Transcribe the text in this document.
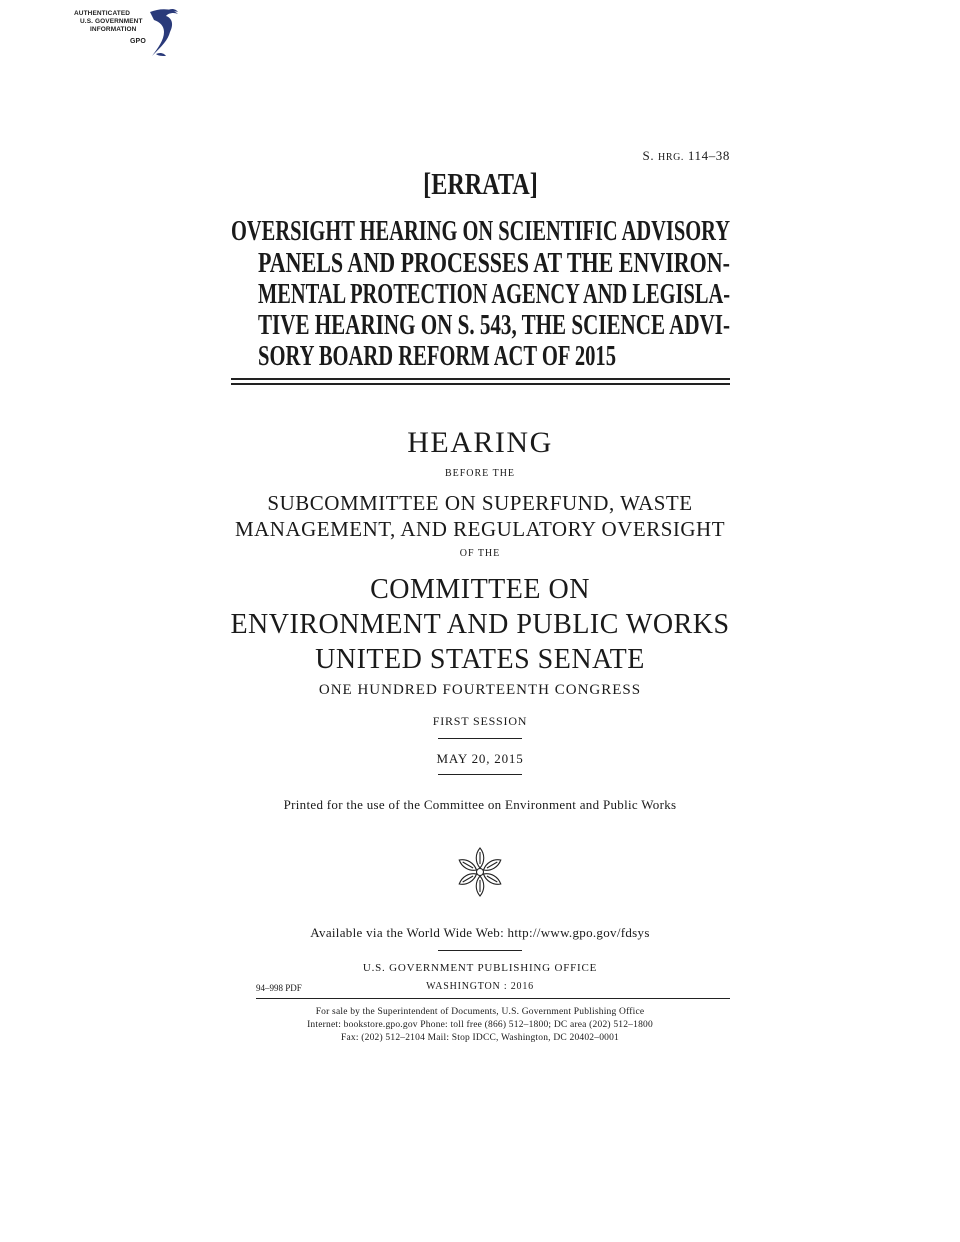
AUTHENTICATED
U.S. GOVERNMENT
INFORMATION
GPO
S. HRG. 114–38
[ERRATA]
OVERSIGHT HEARING ON SCIENTIFIC ADVISORY
PANELS AND PROCESSES AT THE ENVIRON-
MENTAL PROTECTION AGENCY AND LEGISLA-
TIVE HEARING ON S. 543, THE SCIENCE ADVI-
SORY BOARD REFORM ACT OF 2015
HEARING
BEFORE THE
SUBCOMMITTEE ON SUPERFUND, WASTE
MANAGEMENT, AND REGULATORY OVERSIGHT
OF THE
COMMITTEE ON
ENVIRONMENT AND PUBLIC WORKS
UNITED STATES SENATE
ONE HUNDRED FOURTEENTH CONGRESS
FIRST SESSION
MAY 20, 2015
Printed for the use of the Committee on Environment and Public Works
Available via the World Wide Web: http://www.gpo.gov/fdsys
U.S. GOVERNMENT PUBLISHING OFFICE
94–998 PDF	WASHINGTON : 2016
For sale by the Superintendent of Documents, U.S. Government Publishing Office
Internet: bookstore.gpo.gov Phone: toll free (866) 512–1800; DC area (202) 512–1800
Fax: (202) 512–2104 Mail: Stop IDCC, Washington, DC 20402–0001
